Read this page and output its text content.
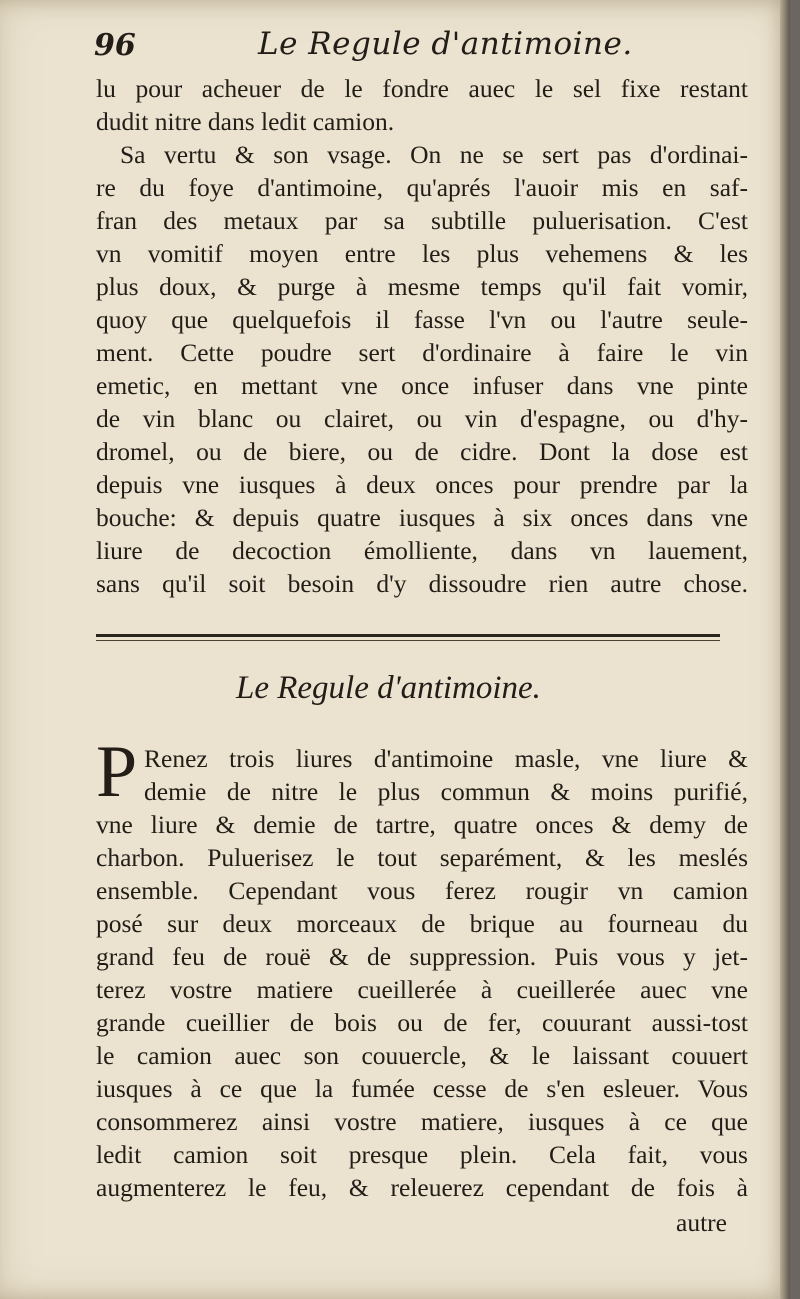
96	Le Regule d'antimoine.
lu pour acheuer de le fondre auec le sel fixe restant
dudit nitre dans ledit camion.
Sa vertu & son vsage. On ne se sert pas d'ordinai-
re du foye d'antimoine, qu'aprés l'auoir mis en saf-
fran des metaux par sa subtille puluerisation. C'est
vn vomitif moyen entre les plus vehemens & les
plus doux, & purge à mesme temps qu'il fait vomir,
quoy que quelquefois il fasse l'vn ou l'autre seule-
ment. Cette poudre sert d'ordinaire à faire le vin
emetic, en mettant vne once infuser dans vne pinte
de vin blanc ou clairet, ou vin d'espagne, ou d'hy-
dromel, ou de biere, ou de cidre. Dont la dose est
depuis vne iusques à deux onces pour prendre par la
bouche: & depuis quatre iusques à six onces dans vne
liure de decoction émolliente, dans vn lauement,
sans qu'il soit besoin d'y dissoudre rien autre chose.
Le Regule d'antimoine.
P Renez trois liures d'antimoine masle, vne liure &
demie de nitre le plus commun & moins purifié,
vne liure & demie de tartre, quatre onces & demy de
charbon. Puluerisez le tout separément, & les meslés
ensemble. Cependant vous ferez rougir vn camion
posé sur deux morceaux de brique au fourneau du
grand feu de rouë & de suppression. Puis vous y jet-
terez vostre matiere cueillerée à cueillerée auec vne
grande cueillier de bois ou de fer, couurant aussi-tost
le camion auec son couuercle, & le laissant couuert
iusques à ce que la fumée cesse de s'en esleuer. Vous
consommerez ainsi vostre matiere, iusques à ce que
ledit camion soit presque plein. Cela fait, vous
augmenterez le feu, & releuerez cependant de fois à
autre
